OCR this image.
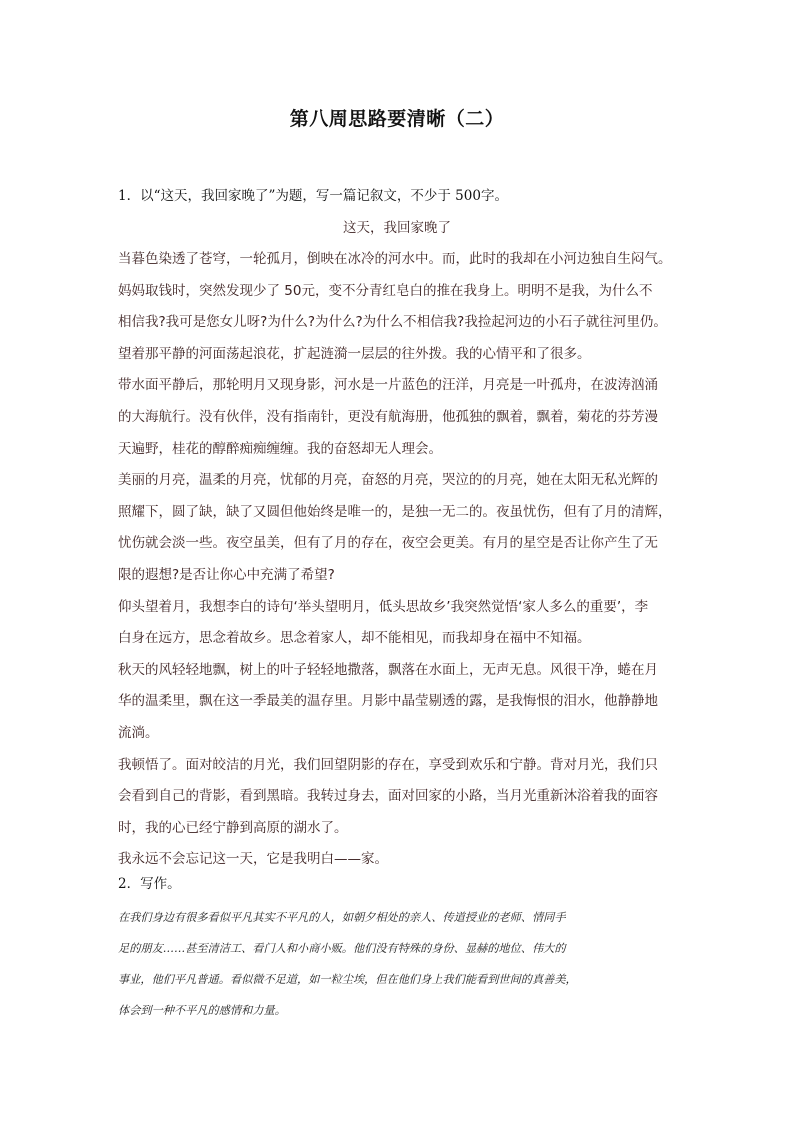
第八周思路要清晰（二）
1．以“这天，我回家晚了”为题，写一篇记叙文，不少于 500字。
这天，我回家晚了

当暮色染透了苍穹，一轮孤月，倒映在冰冷的河水中。而，此时的我却在小河边独自生闷气。

妈妈取钱时，突然发现少了 50元，变不分青红皂白的推在我身上。明明不是我，为什么不

相信我?我可是您女儿呀?为什么?为什么?为什么不相信我?我捡起河边的小石子就往河里仍。

望着那平静的河面荡起浪花，扩起涟漪一层层的往外拨。我的心情平和了很多。

带水面平静后，那轮明月又现身影，河水是一片蓝色的汪洋，月亮是一叶孤舟，在波涛汹涌

的大海航行。没有伙伴，没有指南针，更没有航海册，他孤独的飘着，飘着，菊花的芬芳漫

天遍野，桂花的醇醉痴痴缠缠。我的奋怒却无人理会。

美丽的月亮，温柔的月亮，忧郁的月亮，奋怒的月亮，哭泣的的月亮，她在太阳无私光辉的

照耀下，圆了缺，缺了又圆但他始终是唯一的，是独一无二的。夜虽忧伤，但有了月的清辉，

忧伤就会淡一些。夜空虽美，但有了月的存在，夜空会更美。有月的星空是否让你产生了无

限的遐想?是否让你心中充满了希望?

仰头望着月，我想李白的诗句‘举头望明月，低头思故乡’我突然觉悟‘家人多么的重要’，李

白身在远方，思念着故乡。思念着家人，却不能相见，而我却身在福中不知福。

秋天的风轻轻地飘，树上的叶子轻轻地撒落，飘落在水面上，无声无息。风很干净，蜷在月

华的温柔里，飘在这一季最美的温存里。月影中晶莹剔透的露，是我悔恨的泪水，他静静地

流淌。

我顿悟了。面对皎洁的月光，我们回望阴影的存在，享受到欢乐和宁静。背对月光，我们只

会看到自己的背影，看到黑暗。我转过身去，面对回家的小路，当月光重新沐浴着我的面容

时，我的心已经宁静到高原的湖水了。

我永远不会忘记这一天，它是我明白——家。

2．写作。

在我们身边有很多看似平凡其实不平凡的人，如朝夕相处的亲人、传道授业的老师、情同手

足的朋友……甚至清洁工、看门人和小商小贩。他们没有特殊的身份、显赫的地位、伟大的

事业，他们平凡普通。看似微不足道，如一粒尘埃，但在他们身上我们能看到世间的真善美，

体会到一种不平凡的感情和力量。
